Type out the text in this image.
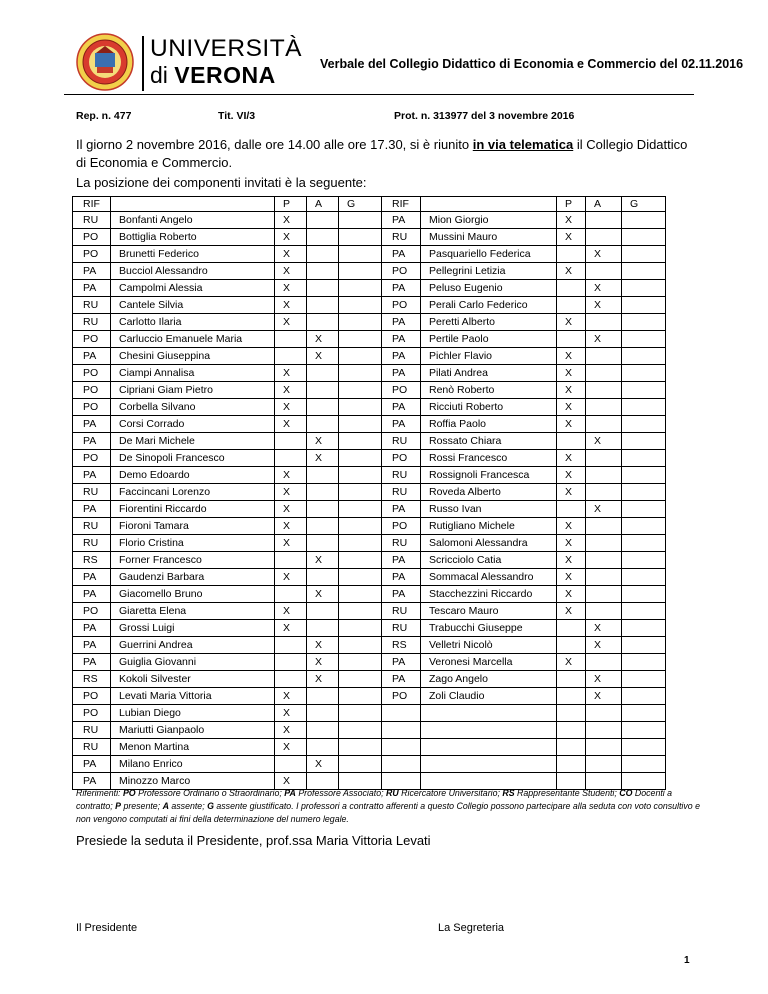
UNIVERSITÀ
di VERONA	Verbale del Collegio Didattico di Economia e Commercio del 02.11.2016
Rep. n. 477	Tit. VI/3	Prot. n. 313977 del 3 novembre 2016
Il giorno 2 novembre 2016, dalle ore 14.00 alle ore 17.30, si è riunito in via telematica il Collegio Didattico di Economia e Commercio.
La posizione dei componenti invitati è la seguente:
RIF		P	A	G	RIF		P	A	G
RU	Bonfanti Angelo	X			PA	Mion Giorgio	X		
PO	Bottiglia Roberto	X			RU	Mussini Mauro	X		
PO	Brunetti Federico	X			PA	Pasquariello Federica		X	
PA	Bucciol Alessandro	X			PO	Pellegrini Letizia	X		
PA	Campolmi Alessia	X			PA	Peluso Eugenio		X	
RU	Cantele Silvia	X			PO	Perali Carlo Federico		X	
RU	Carlotto Ilaria	X			PA	Peretti Alberto	X		
PO	Carluccio Emanuele Maria		X		PA	Pertile Paolo		X	
PA	Chesini Giuseppina		X		PA	Pichler Flavio	X		
PO	Ciampi Annalisa	X			PA	Pilati Andrea	X		
PO	Cipriani Giam Pietro	X			PO	Renò Roberto	X		
PO	Corbella Silvano	X			PA	Ricciuti Roberto	X		
PA	Corsi Corrado	X			PA	Roffia Paolo	X		
PA	De Mari Michele		X		RU	Rossato Chiara		X	
PO	De Sinopoli Francesco		X		PO	Rossi Francesco	X		
PA	Demo Edoardo	X			RU	Rossignoli Francesca	X		
RU	Faccincani Lorenzo	X			RU	Roveda Alberto	X		
PA	Fiorentini Riccardo	X			PA	Russo Ivan		X	
RU	Fioroni Tamara	X			PO	Rutigliano Michele	X		
RU	Florio Cristina	X			RU	Salomoni Alessandra	X		
RS	Forner Francesco		X		PA	Scricciolo Catia	X		
PA	Gaudenzi Barbara	X			PA	Sommacal Alessandro	X		
PA	Giacomello Bruno		X		PA	Stacchezzini Riccardo	X		
PO	Giaretta Elena	X			RU	Tescaro Mauro	X		
PA	Grossi Luigi	X			RU	Trabucchi Giuseppe		X	
PA	Guerrini Andrea		X		RS	Velletri Nicolò		X	
PA	Guiglia Giovanni		X		PA	Veronesi Marcella	X		
RS	Kokoli Silvester		X		PA	Zago Angelo		X	
PO	Levati Maria Vittoria	X			PO	Zoli Claudio		X	
PO	Lubian Diego	X							
RU	Mariutti Gianpaolo	X							
RU	Menon Martina	X							
PA	Milano Enrico		X						
PA	Minozzo Marco	X							
Riferimenti: PO Professore Ordinario o Straordinario; PA Professore Associato; RU Ricercatore Universitario; RS Rappresentante Studenti; CO Docenti a contratto; P presente; A assente; G assente giustificato. I professori a contratto afferenti a questo Collegio possono partecipare alla seduta con voto consultivo e non vengono computati ai fini della determinazione del numero legale.
Presiede la seduta il Presidente, prof.ssa Maria Vittoria Levati
Il Presidente	La Segreteria
1
